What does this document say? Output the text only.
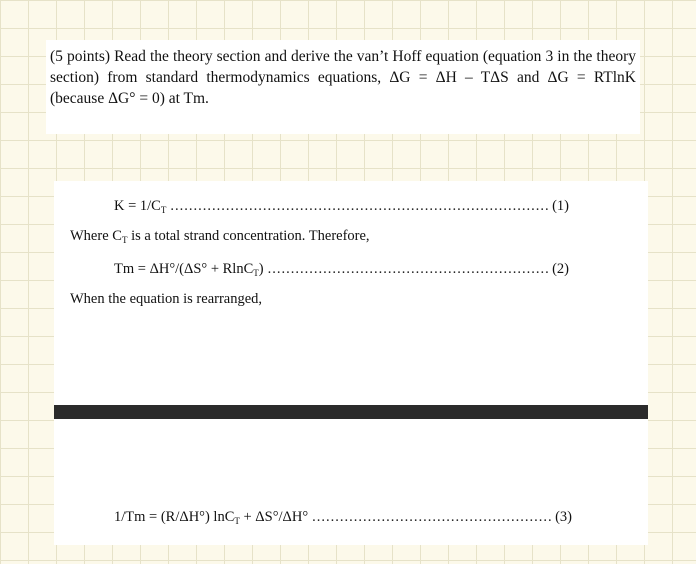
(5 points) Read the theory section and derive the van’t Hoff equation (equation 3 in the theory section) from standard thermodynamics equations, ΔG = ΔH – TΔS and ΔG = RTlnK (because ΔG° = 0) at Tm.
$K = 1/C_T$ .....	(1)
Where $C_T$ is a total strand concentration. Therefore,
Tm = ΔH°/(ΔS° + RlnC$_T$) .....	(2)
When the equation is rearranged,
1/Tm = (R/ΔH°) lnC$_T$ + ΔS°/ΔH° .....	(3)
